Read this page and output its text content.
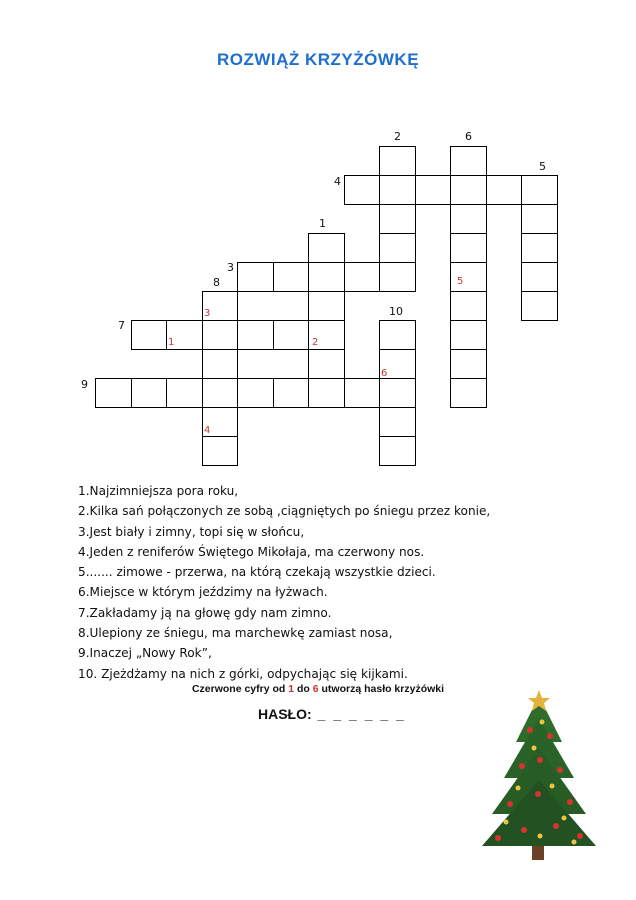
ROZWIĄŻ KRZYŻÓWKĘ
1
2
3
4
5
6
7
8
9
10
1	2
3
4
5
6
1.Najzimniejsza pora roku,
2.Kilka sań połączonych ze sobą ,ciągniętych po śniegu przez konie,
3.Jest biały i zimny, topi się w słońcu,
4.Jeden z reniferów Świętego Mikołaja, ma czerwony nos.
5....... zimowe - przerwa, na którą czekają wszystkie dzieci.
6.Miejsce w którym jeździmy na łyżwach.
7.Zakładamy ją na głowę gdy nam zimno.
8.Ulepiony ze śniegu, ma marchewkę zamiast nosa,
9.Inaczej „Nowy Rok”,
10. Zjeżdżamy na nich z górki, odpychając się kijkami.
Czerwone cyfry od 1 do 6 utworzą hasło krzyżówki
HASŁO: _ _ _ _ _ _
